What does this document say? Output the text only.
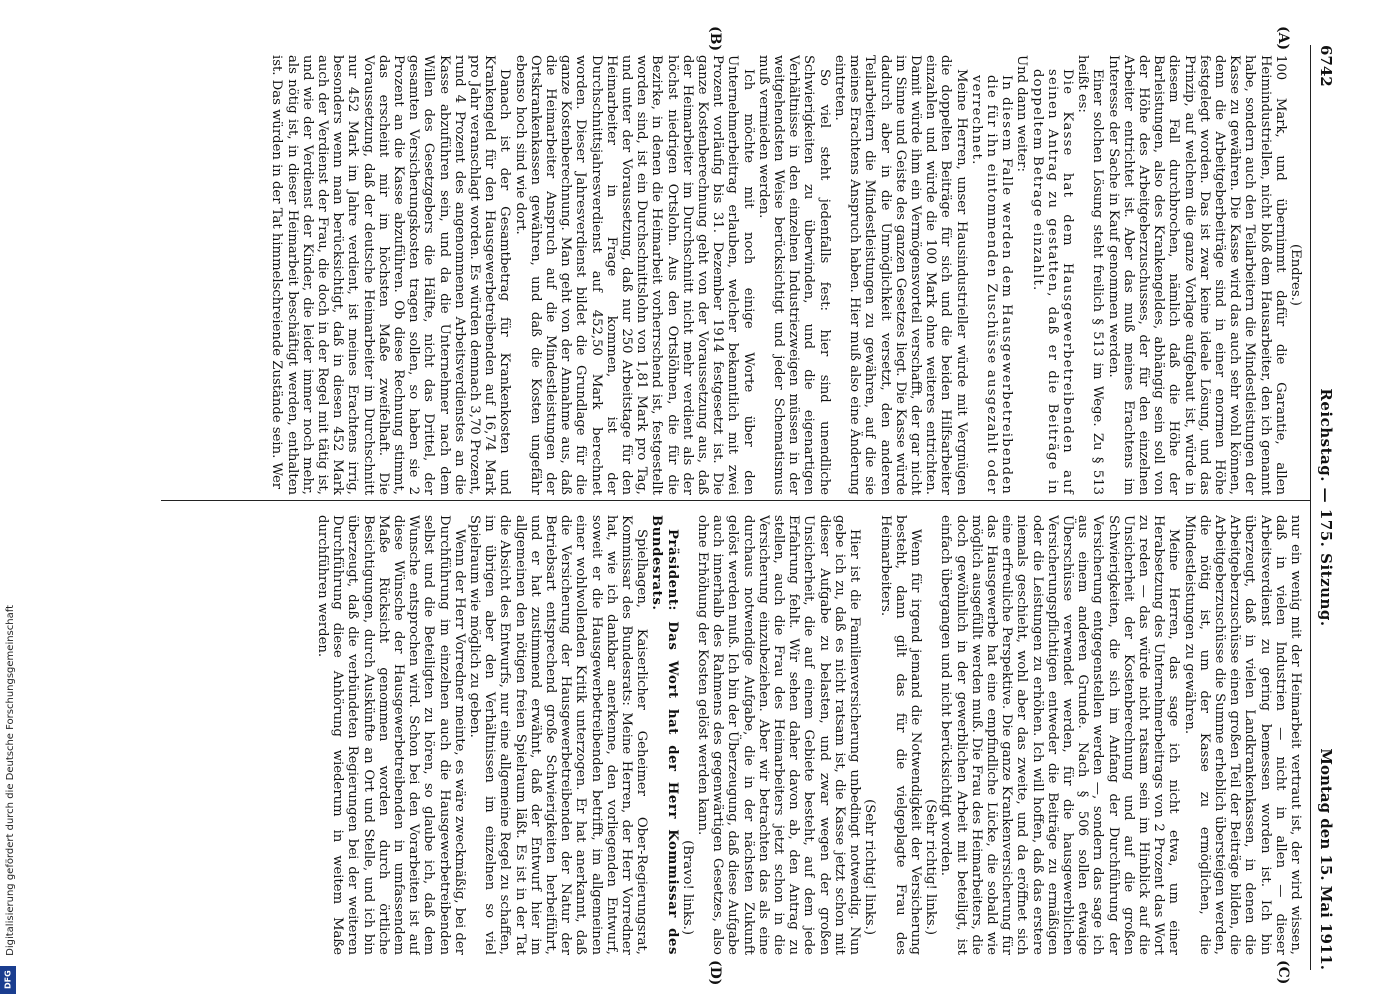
6742
Reichstag. — 175. Sitzung.
Montag den 15. Mai 1911.
(A)
(B)
(C)
(D)

(Endres.)

100 Mark, und übernimmt dafür die Garantie, allen Heimindustriellen, nicht bloß dem Hausarbeiter, den ich genannt habe, sondern auch den Teilarbeitern die Mindestleistungen der Kasse zu gewähren. Die Kasse wird das auch sehr wohl können, denn die Arbeitgeberbeiträge sind in einer enormen Höhe festgelegt worden. Das ist zwar keine ideale Lösung, und das Prinzip, auf welchem die ganze Vorlage aufgebaut ist, würde in diesem Fall durchbrochen, nämlich daß die Höhe der Barleistungen, also des Krankengeldes, abhängig sein soll von der Höhe des Arbeitgeberzuschusses, der für den einzelnen Arbeiter entrichtet ist. Aber das muß meines Erachtens im Interesse der Sache in Kauf genommen werden.

Einer solchen Lösung steht freilich § 513 im Wege. Zu § 513 heißt es:

Die Kasse hat dem Hausgewerbetreibenden auf seinen Antrag zu gestatten, daß er die Beiträge in doppeltem Betrage einzahlt.

Und dann weiter:

In diesem Falle werden dem Hausgewerbetreibenden die für ihn eintommenden Zuschüsse ausgezahlt oder verrechnet.

Meine Herren, unser Hausindustrieller würde mit Vergnügen die doppelten Beiträge für sich und die beiden Hilfsarbeiter einzahlen und würde die 100 Mark ohne weiteres entrichten. Damit würde ihm ein Vermögensvorteil verschafft, der gar nicht im Sinne und Geiste des ganzen Gesetzes liegt. Die Kasse würde dadurch aber in die Unmöglichkeit versetzt, den anderen Teilarbeitern die Mindestleistungen zu gewähren, auf die sie meines Erachtens Anspruch haben. Hier muß also eine Änderung eintreten.

So viel steht jedenfalls fest: hier sind unendliche Schwierigkeiten zu überwinden, und die eigenartigen Verhältnisse in den einzelnen Industriezweigen müssen in der weitgehendsten Weise berücksichtigt und jeder Schematismus muß vermieden werden.

Ich möchte mit noch einige Worte über den Unternehmerbeitrag erlauben, welcher bekanntlich mit zwei Prozent vorläufig bis 31. Dezember 1914 festgesetzt ist. Die ganze Kostenberechnung geht von der Voraussetzung aus, daß der Heimarbeiter im Durchschnitt nicht mehr verdient als der höchst niedrigen Ortslohn. Aus den Ortslöhnen, die für die Bezirke, in denen die Heimarbeit vorherrschend ist, festgestellt worden sind, ist ein Durchschnittslohn von 1,81 Mark pro Tag, und unter der Voraussetzung, daß nur 250 Arbeitstage für den Heimarbeiter in Frage kommen, ist der Durchschnittsjahresverdienst auf 452,50 Mark berechnet worden. Dieser Jahresverdienst bildet die Grundlage für die ganze Kostenberechnung. Man geht von der Annahme aus, daß die Heimarbeiter Anspruch auf die Mindestleistungen der Ortskrankenkassen gewähren, und daß die Kosten ungefähr ebenso hoch sind wie dort.

Danach ist der Gesamtbetrag für Krankenkosten und Krankengeld für den Hausgewerbetreibenden auf 16,74 Mark pro Jahr veranschlagt worden. Es würden demnach 3,70 Prozent, rund 4 Prozent des angenommenen Arbeitsverdienstes an die Kasse abzuführen sein, und da die Unternehmer nach dem Willen des Gesetzgebers die Hälfte, nicht das Drittel, der gesamten Versicherungskosten tragen sollen, so haben sie 2 Prozent an die Kasse abzuführen. Ob diese Rechnung stimmt, das erscheint mir im höchsten Maße zweifelhaft. Die Voraussetzung, daß der deutsche Heimarbeiter im Durchschnitt nur 452 Mark im Jahre verdient, ist meines Erachtens irrig, besonders wenn man berücksichtigt, daß in diesen 452 Mark auch der Verdienst der Frau, die doch in der Regel mit tätig ist, und wie der Verdienst der Kinder, die leider immer noch mehr, als nötig ist, in dieser Heimarbeit beschäftigt werden, enthalten ist. Das würden in der Tat himmelschreiende Zustände sein. Wer

nur ein wenig mit der Heimarbeit vertraut ist, der wird wissen, daß in vielen Industrien — nicht in allen — dieser Arbeitsverdienst zu gering bemessen worden ist. Ich bin überzeugt, daß in vielen Landkrankenkassen, in denen die Arbeitgeberzuschüsse einen großen Teil der Beiträge bilden, die Arbeitgeberzuschüsse die Summe erheblich übersteigen werden, die nötig ist, um der Kasse zu ermöglichen, die Mindestleistungen zu gewähren.

Meine Herren, das sage ich nicht etwa, um einer Herabsetzung des Unternehmerbeitrags von 2 Prozent das Wort zu reden — das würde nicht ratsam sein im Hinblick auf die Unsicherheit der Kostenberechnung und auf die großen Schwierigkeiten, die sich im Anfang der Durchführung der Versicherung entgegenstellen werden —, sondern das sage ich aus einem anderen Grunde. Nach § 506 sollen etwaige Überschüsse verwendet werden, für die hausgewerblichen Versicherungspflichtigen entweder die Beiträge zu ermäßigen oder die Leistungen zu erhöhen. Ich will hoffen, daß das erstere niemals geschieht, wohl aber das zweite, und da eröffnet sich eine erfreuliche Perspektive. Die ganze Krankenversicherung für das Hausgewerbe hat eine empfindliche Lücke, die sobald wie möglich ausgefüllt werden muß. Die Frau des Heimarbeiters, die doch gewöhnlich in der gewerblichen Arbeit mit beteiligt, ist einfach übergangen und nicht berücksichtigt worden.

(Sehr richtig! links.)

Wenn für irgend jemand die Notwendigkeit der Versicherung besteht, dann gilt das für die vielgeplagte Frau des Heimarbeiters.

(Sehr richtig! links.)

Hier ist die Familienversicherung unbedingt notwendig. Nun gebe ich zu, daß es nicht ratsam ist, die Kasse jetzt schon mit dieser Aufgabe zu belasten, und zwar wegen der großen Unsicherheit, die auf einem Gebiete besteht, auf dem jede Erfahrung fehlt. Wir sehen daher davon ab, den Antrag zu stellen, auch die Frau des Heimarbeiters jetzt schon in die Versicherung einzubeziehen. Aber wir betrachten das als eine durchaus notwendige Aufgabe, die in der nächsten Zukunft gelöst werden muß. Ich bin der Überzeugung, daß diese Aufgabe auch innerhalb des Rahmens des gegenwärtigen Gesetzes, also ohne Erhöhung der Kosten gelöst werden kann.

(Bravo! links.)

Präsident: Das Wort hat der Herr Kommissar des Bundesrats.

Spielhagen, Kaiserlicher Geheimer Ober-Regierungsrat, Kommissar des Bundesrats: Meine Herren, der Herr Vorredner hat, wie ich dankbar anerkenne, den vorliegenden Entwurf, soweit er die Hausgewerbetreibenden betrifft, im allgemeinen einer wohlwollenden Kritik unterzogen. Er hat anerkannt, daß die Versicherung der Hausgewerbetreibenden der Natur der Betriebsart entsprechend große Schwierigkeiten herbeiführt, und er hat zustimmend erwähnt, daß der Entwurf hier im allgemeinen den nötigen freien Spielraum läßt. Es ist in der Tat die Absicht des Entwurfs, nur eine allgemeine Regel zu schaffen, im übrigen aber den Verhältnissen im einzelnen so viel Spielraum wie möglich zu geben.

Wenn der Herr Vorredner meinte, es wäre zweckmäßig, bei der Durchführung im einzelnen auch die Hausgewerbetreibenden selbst und die Beteiligten zu hören, so glaube ich, daß dem Wunsche entsprochen wird. Schon bei den Vorarbeiten ist auf diese Wünsche der Hausgewerbetreibenden in umfassendem Maße Rücksicht genommen worden durch örtliche Besichtigungen, durch Auskünfte an Ort und Stelle, und ich bin überzeugt, daß die verbündeten Regierungen bei der weiteren Durchführung diese Anhörung wiederum in weitem Maße durchführen werden.

Digitalisierung gefördert durch die Deutsche Forschungsgemeinschaft
DFG
